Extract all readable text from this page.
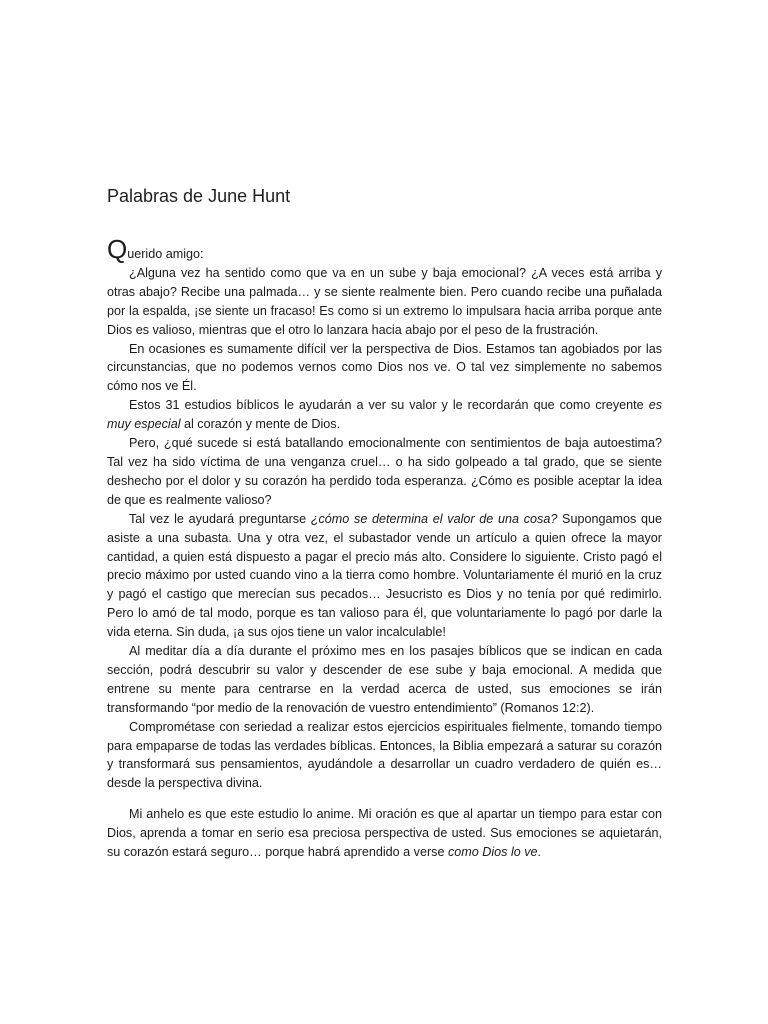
Palabras de June Hunt

Querido amigo:

¿Alguna vez ha sentido como que va en un sube y baja emocional? ¿A veces está arriba y otras abajo? Recibe una palmada… y se siente realmente bien. Pero cuando recibe una puñalada por la espalda, ¡se siente un fracaso! Es como si un extremo lo impulsara hacia arriba porque ante Dios es valioso, mientras que el otro lo lanzara hacia abajo por el peso de la frustración.

En ocasiones es sumamente difícil ver la perspectiva de Dios. Estamos tan agobiados por las circunstancias, que no podemos vernos como Dios nos ve. O tal vez simplemente no sabemos cómo nos ve Él.

Estos 31 estudios bíblicos le ayudarán a ver su valor y le recordarán que como creyente es muy especial al corazón y mente de Dios.

Pero, ¿qué sucede si está batallando emocionalmente con sentimientos de baja autoestima? Tal vez ha sido víctima de una venganza cruel… o ha sido golpeado a tal grado, que se siente deshecho por el dolor y su corazón ha perdido toda esperanza. ¿Cómo es posible aceptar la idea de que es realmente valioso?

Tal vez le ayudará preguntarse ¿cómo se determina el valor de una cosa? Supongamos que asiste a una subasta. Una y otra vez, el subastador vende un artículo a quien ofrece la mayor cantidad, a quien está dispuesto a pagar el precio más alto. Considere lo siguiente. Cristo pagó el precio máximo por usted cuando vino a la tierra como hombre. Voluntariamente él murió en la cruz y pagó el castigo que merecían sus pecados… Jesucristo es Dios y no tenía por qué redimirlo. Pero lo amó de tal modo, porque es tan valioso para él, que voluntariamente lo pagó por darle la vida eterna. Sin duda, ¡a sus ojos tiene un valor incalculable!

Al meditar día a día durante el próximo mes en los pasajes bíblicos que se indican en cada sección, podrá descubrir su valor y descender de ese sube y baja emocional. A medida que entrene su mente para centrarse en la verdad acerca de usted, sus emociones se irán transformando “por medio de la renovación de vuestro entendimiento” (Romanos 12:2).

Comprométase con seriedad a realizar estos ejercicios espirituales fielmente, tomando tiempo para empaparse de todas las verdades bíblicas. Entonces, la Biblia empezará a saturar su corazón y transformará sus pensamientos, ayudándole a desarrollar un cuadro verdadero de quién es… desde la perspectiva divina.

Mi anhelo es que este estudio lo anime. Mi oración es que al apartar un tiempo para estar con Dios, aprenda a tomar en serio esa preciosa perspectiva de usted. Sus emociones se aquietarán, su corazón estará seguro… porque habrá aprendido a verse como Dios lo ve.
